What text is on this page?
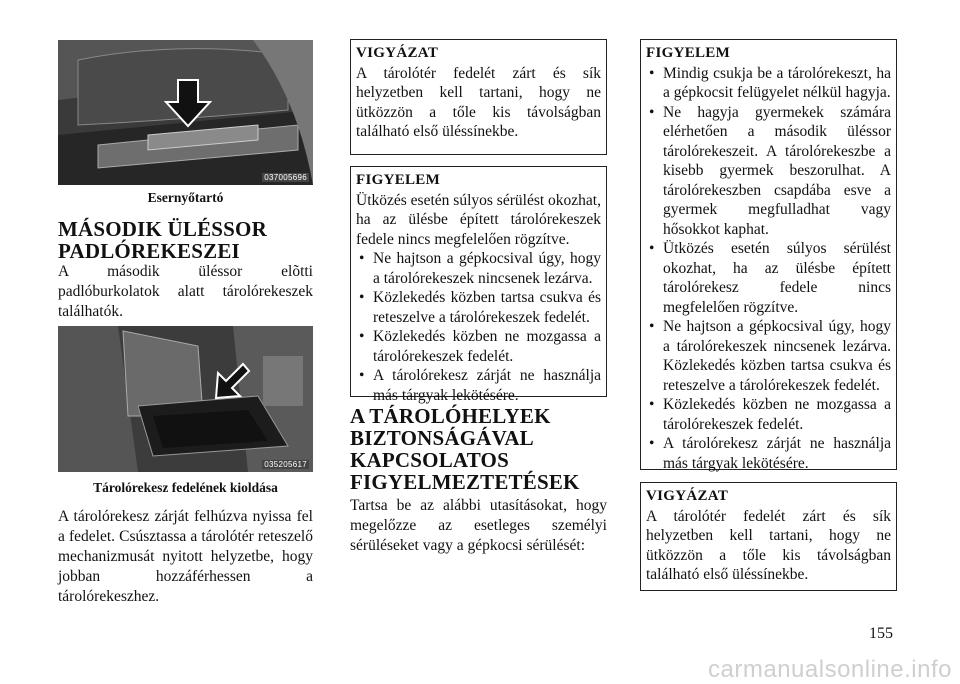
037005696
Esernyőtartó
MÁSODIK ÜLÉSSOR PADLÓREKESZEI
A második üléssor elõtti padlóburkolatok alatt tárolórekeszek találhatók.
035205617
Tárolórekesz fedelének kioldása
A tárolórekesz zárját felhúzva nyissa fel a fedelet. Csúsztassa a tárolótér reteszelő mechanizmusát nyitott helyzetbe, hogy jobban hozzáférhessen a tárolórekeszhez.
VIGYÁZAT
A tárolótér fedelét zárt és sík helyzetben kell tartani, hogy ne ütközzön a tőle kis távolságban található első üléssínekbe.
FIGYELEM
Ütközés esetén súlyos sérülést okozhat, ha az ülésbe épített tárolórekeszek fedele nincs megfelelően rögzítve.
• Ne hajtson a gépkocsival úgy, hogy a tárolórekeszek nincsenek lezárva.
• Közlekedés közben tartsa csukva és reteszelve a tárolórekeszek fedelét.
• Közlekedés közben ne mozgassa a tárolórekeszek fedelét.
• A tárolórekesz zárját ne használja más tárgyak lekötésére.
A TÁROLÓHELYEK BIZTONSÁGÁVAL KAPCSOLATOS FIGYELMEZTETÉSEK
Tartsa be az alábbi utasításokat, hogy megelőzze az esetleges személyi sérüléseket vagy a gépkocsi sérülését:
FIGYELEM
• Mindig csukja be a tárolórekeszt, ha a gépkocsit felügyelet nélkül hagyja.
• Ne hagyja gyermekek számára elérhetően a második üléssor tárolórekeszeit. A tárolórekeszbe a kisebb gyermek beszorulhat. A tárolórekeszben csapdába esve a gyermek megfulladhat vagy hősokkot kaphat.
• Ütközés esetén súlyos sérülést okozhat, ha az ülésbe épített tárolórekesz fedele nincs megfelelően rögzítve.
• Ne hajtson a gépkocsival úgy, hogy a tárolórekeszek nincsenek lezárva. Közlekedés közben tartsa csukva és reteszelve a tárolórekeszek fedelét.
• Közlekedés közben ne mozgassa a tárolórekeszek fedelét.
• A tárolórekesz zárját ne használja más tárgyak lekötésére.
VIGYÁZAT
A tárolótér fedelét zárt és sík helyzetben kell tartani, hogy ne ütközzön a tőle kis távolságban található első üléssínekbe.
155
carmanualsonline.info
